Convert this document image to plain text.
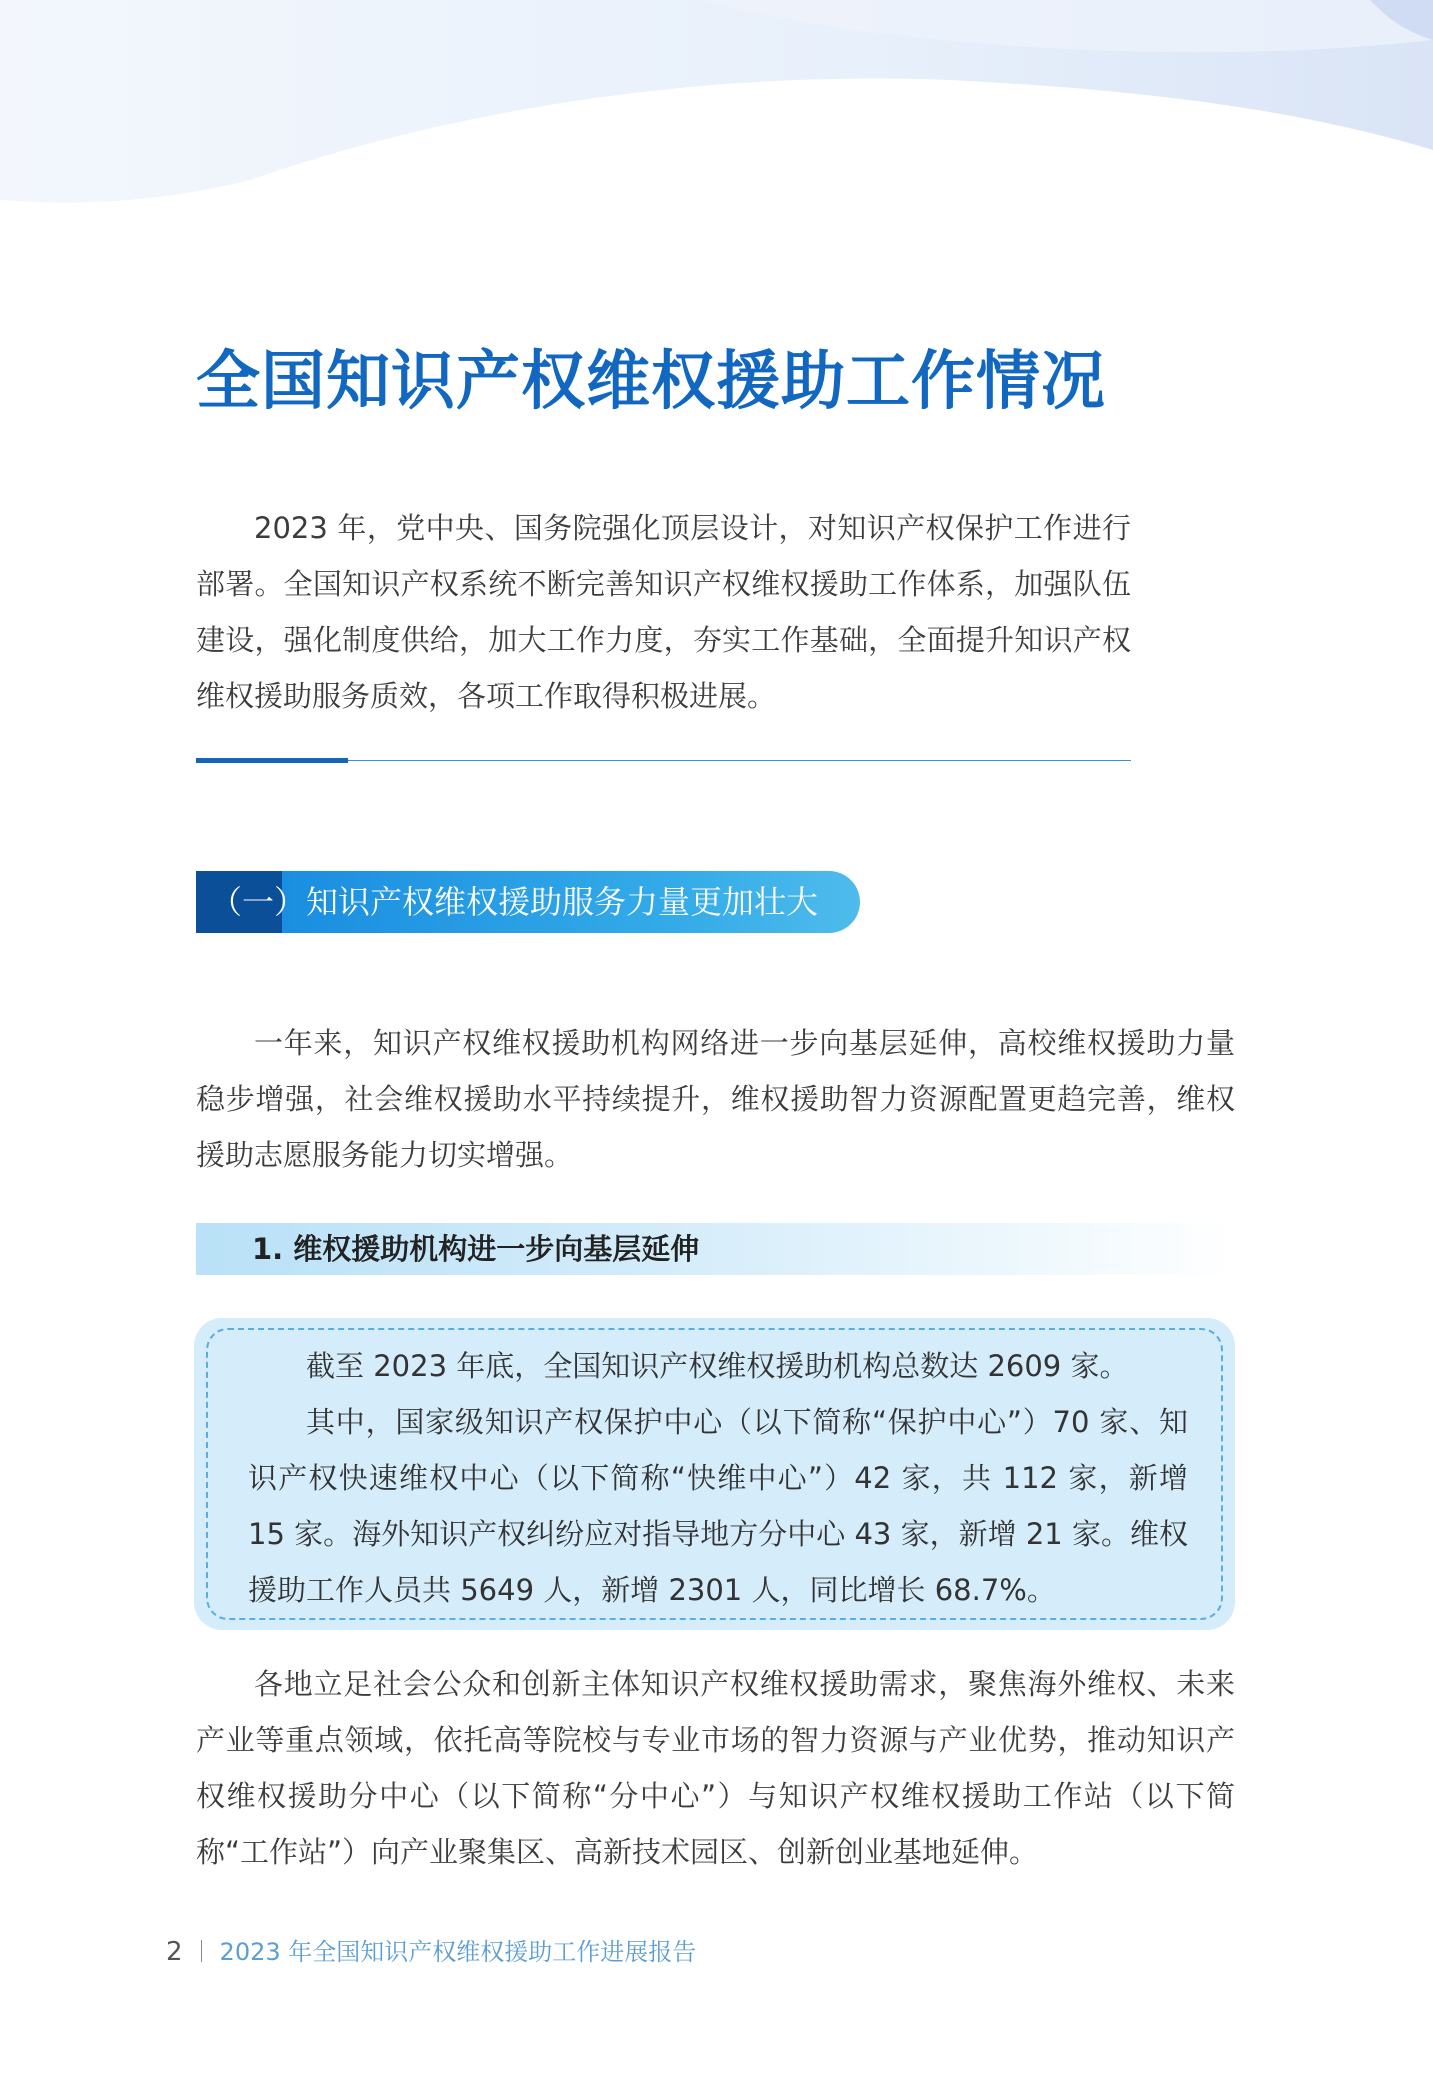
全国知识产权维权援助工作情况

2023 年，党中央、国务院强化顶层设计，对知识产权保护工作进行部署。全国知识产权系统不断完善知识产权维权援助工作体系，加强队伍建设，强化制度供给，加大工作力度，夯实工作基础，全面提升知识产权维权援助服务质效，各项工作取得积极进展。

（一）知识产权维权援助服务力量更加壮大

一年来，知识产权维权援助机构网络进一步向基层延伸，高校维权援助力量稳步增强，社会维权援助水平持续提升，维权援助智力资源配置更趋完善，维权援助志愿服务能力切实增强。

1. 维权援助机构进一步向基层延伸

截至 2023 年底，全国知识产权维权援助机构总数达 2609 家。

其中，国家级知识产权保护中心（以下简称“保护中心”）70 家、知识产权快速维权中心（以下简称“快维中心”）42 家，共 112 家，新增 15 家。海外知识产权纠纷应对指导地方分中心 43 家，新增 21 家。维权援助工作人员共 5649 人，新增 2301 人，同比增长 68.7%。

各地立足社会公众和创新主体知识产权维权援助需求，聚焦海外维权、未来产业等重点领域，依托高等院校与专业市场的智力资源与产业优势，推动知识产权维权援助分中心（以下简称“分中心”）与知识产权维权援助工作站（以下简称“工作站”）向产业聚集区、高新技术园区、创新创业基地延伸。

2 2023 年全国知识产权维权援助工作进展报告
